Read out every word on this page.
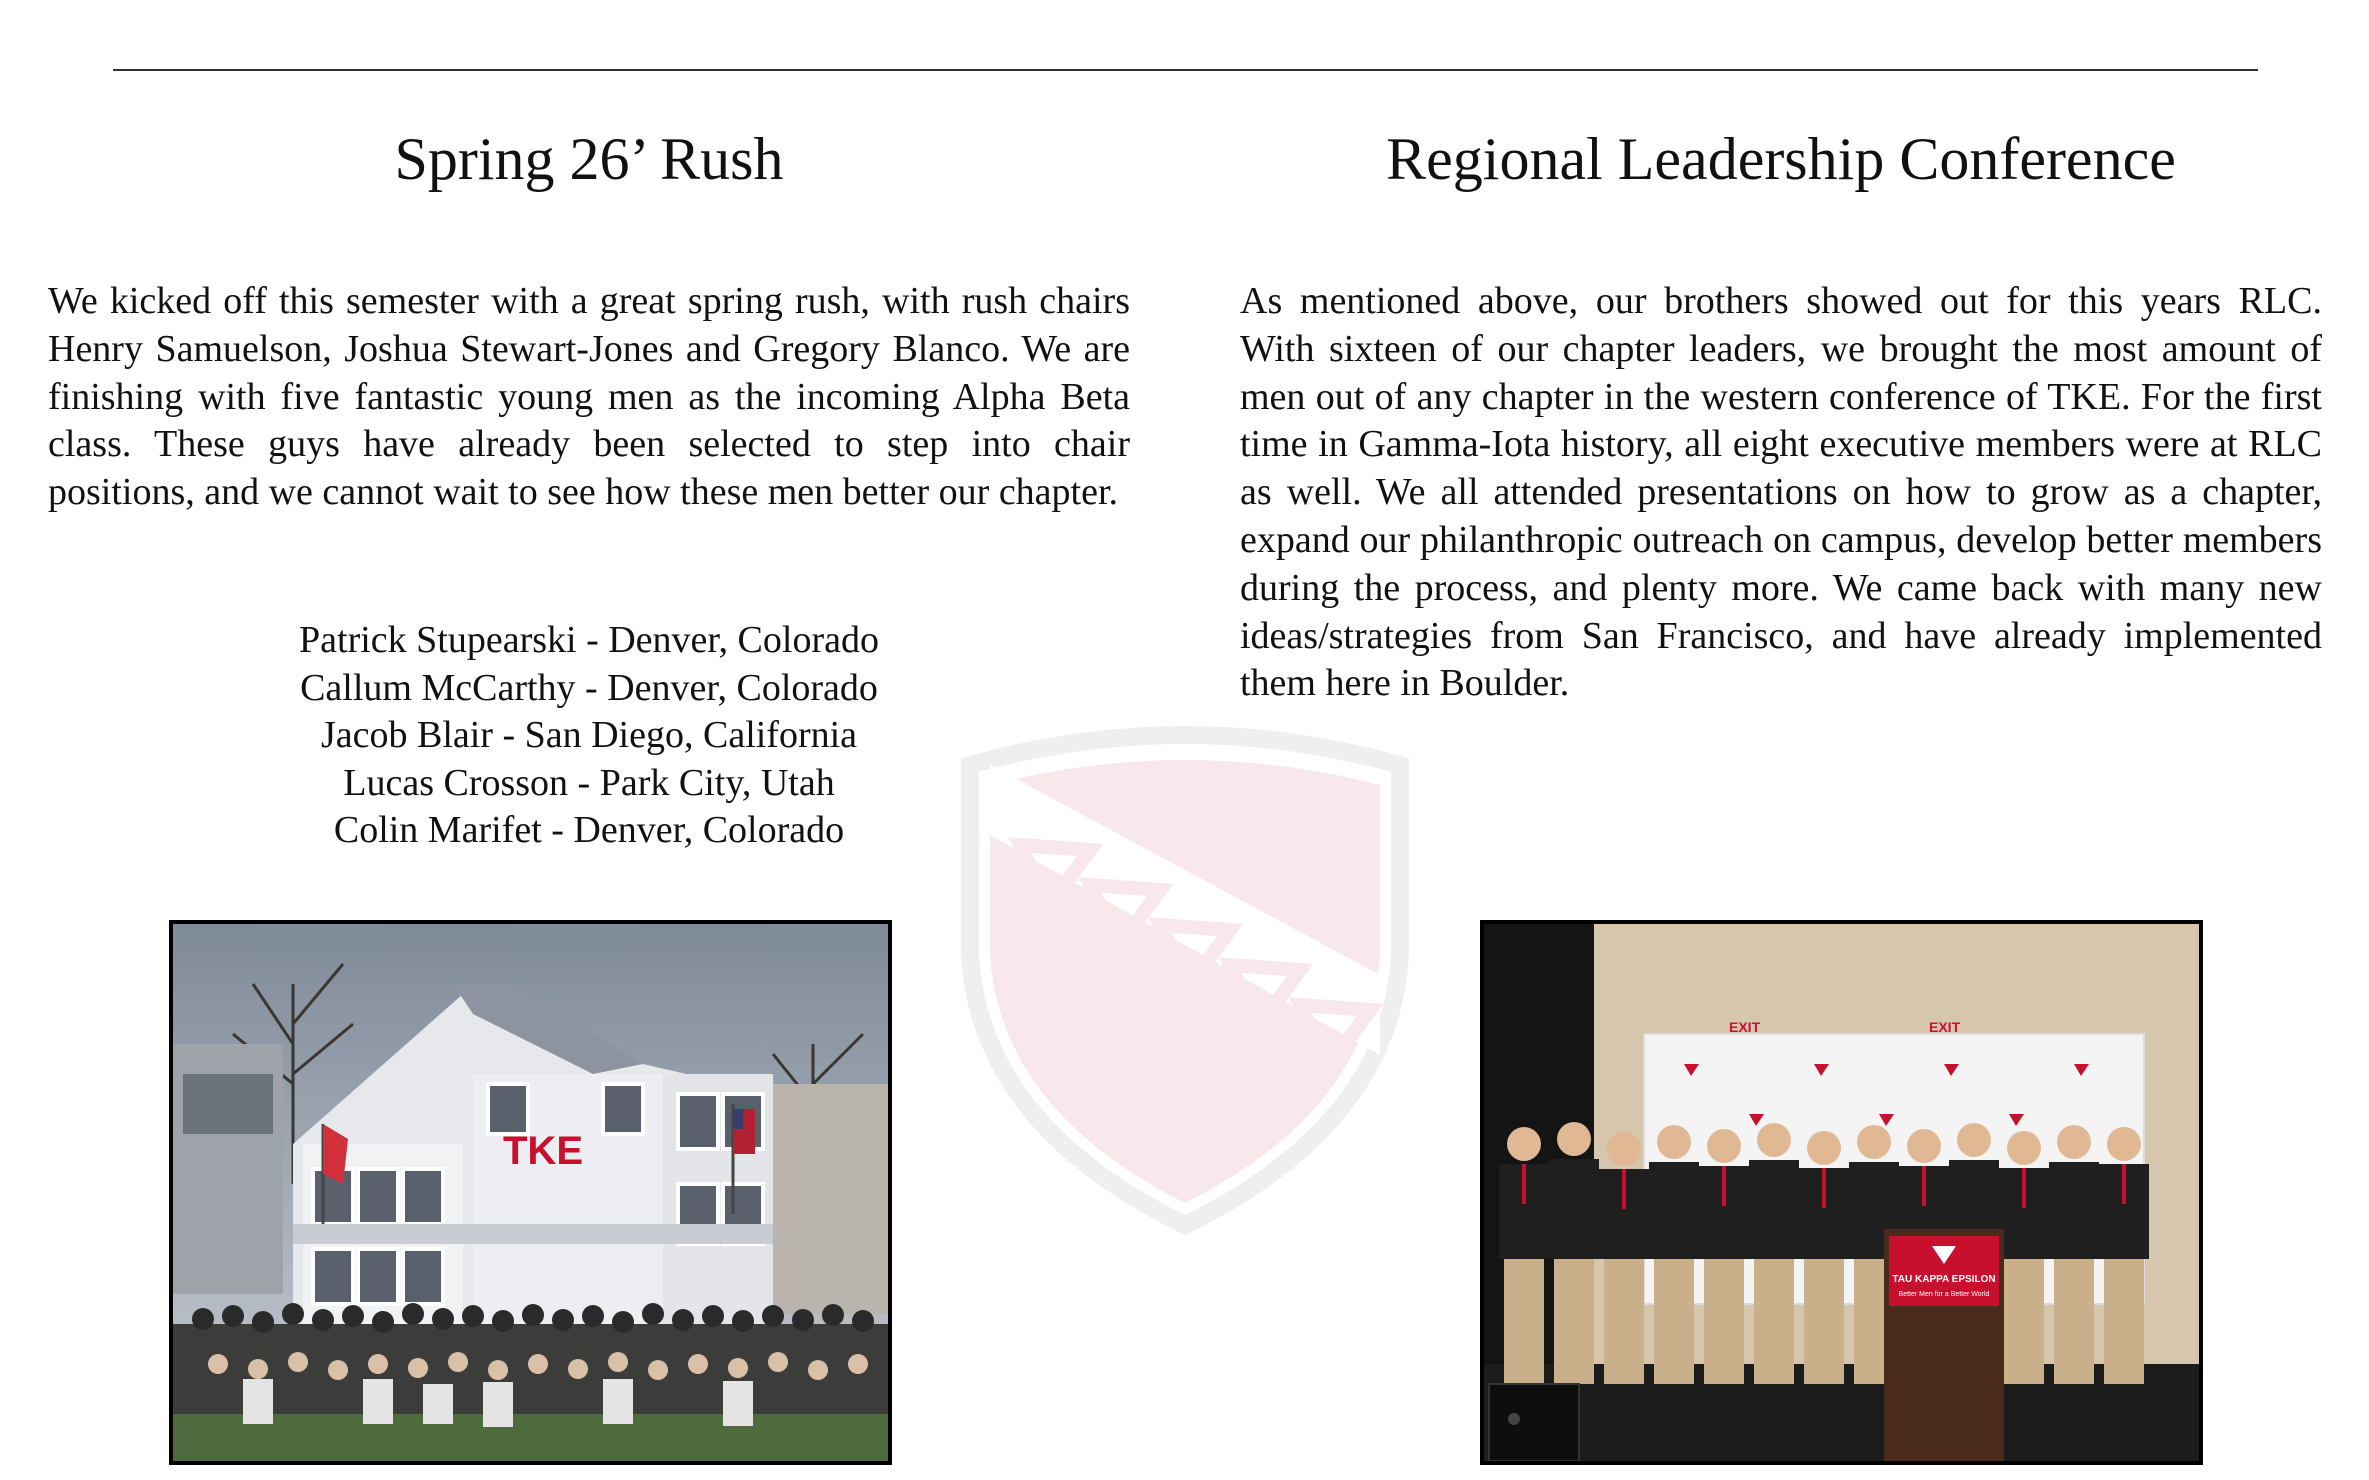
Spring 26’ Rush

We kicked off this semester with a great spring rush, with rush chairs Henry Samuelson, Joshua Stewart-Jones and Gregory Blanco. We are finishing with five fantastic young men as the incoming Alpha Beta class. These guys have already been selected to step into chair positions, and we cannot wait to see how these men better our chapter.

Patrick Stupearski - Denver, Colorado
Callum McCarthy - Denver, Colorado
Jacob Blair - San Diego, California
Lucas Crosson - Park City, Utah
Colin Marifet - Denver, Colorado
TKE
Regional Leadership Conference

As mentioned above, our brothers showed out for this years RLC. With sixteen of our chapter leaders, we brought the most amount of men out of any chapter in the western conference of TKE. For the first time in Gamma-Iota history, all eight executive members were at RLC as well. We all attended presentations on how to grow as a chapter, expand our philanthropic outreach on campus, develop better members during the process, and plenty more. We came back with many new ideas/strategies from San Francisco, and have already implemented them here in Boulder.

EXIT	EXIT
TAU KAPPA EPSILON
Better Men for a Better World
